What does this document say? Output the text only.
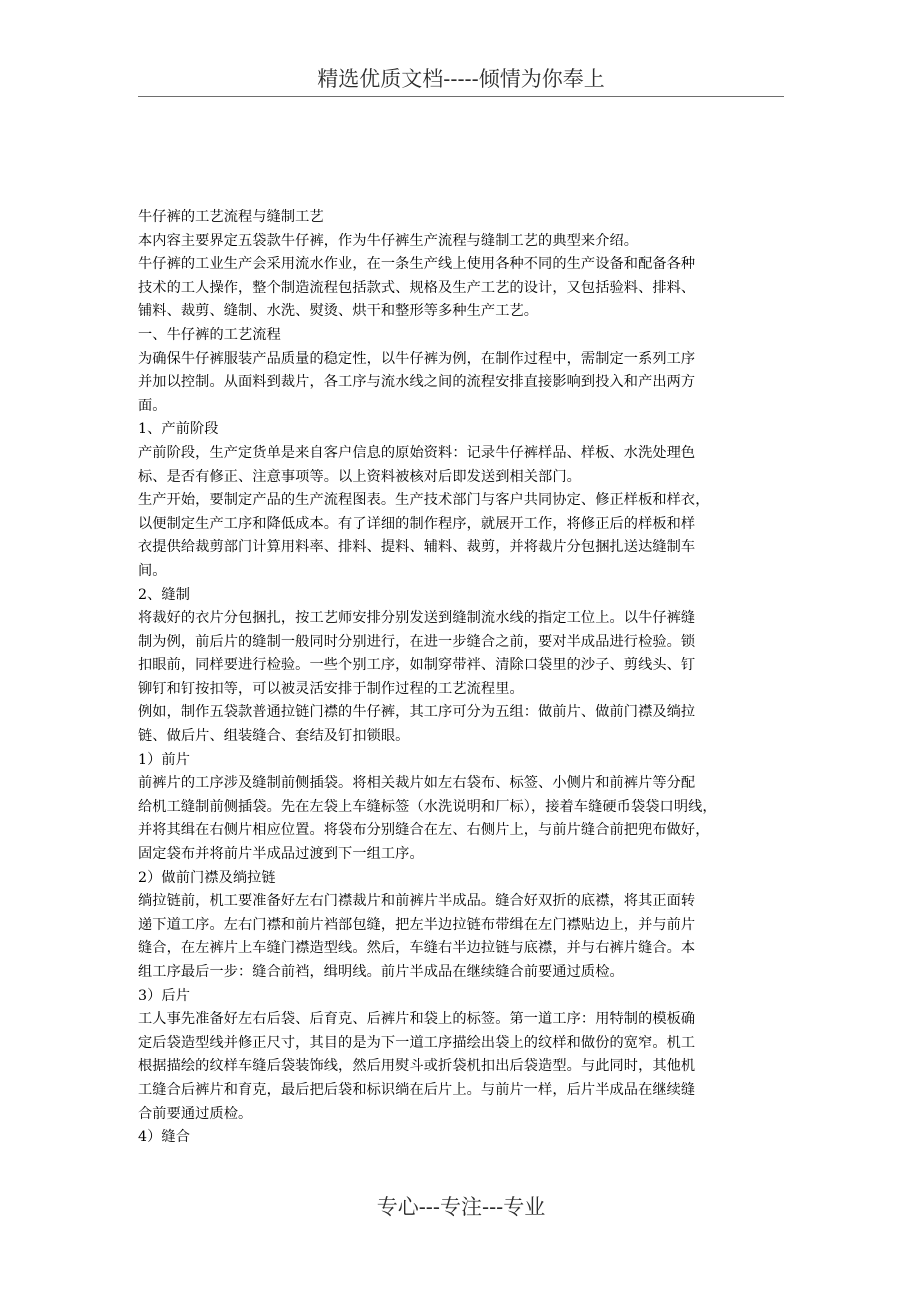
精选优质文档-----倾情为你奉上

牛仔裤的工艺流程与缝制工艺

本内容主要界定五袋款牛仔裤，作为牛仔裤生产流程与缝制工艺的典型来介绍。

牛仔裤的工业生产会采用流水作业，在一条生产线上使用各种不同的生产设备和配备各种

技术的工人操作，整个制造流程包括款式、规格及生产工艺的设计，又包括验料、排料、

铺料、裁剪、缝制、水洗、熨烫、烘干和整形等多种生产工艺。

一、牛仔裤的工艺流程

为确保牛仔裤服装产品质量的稳定性，以牛仔裤为例，在制作过程中，需制定一系列工序

并加以控制。从面料到裁片，各工序与流水线之间的流程安排直接影响到投入和产出两方

面。

1、产前阶段

产前阶段，生产定货单是来自客户信息的原始资料：记录牛仔裤样品、样板、水洗处理色

标、是否有修正、注意事项等。以上资料被核对后即发送到相关部门。

生产开始，要制定产品的生产流程图表。生产技术部门与客户共同协定、修正样板和样衣，

以便制定生产工序和降低成本。有了详细的制作程序，就展开工作，将修正后的样板和样

衣提供给裁剪部门计算用料率、排料、提料、辅料、裁剪，并将裁片分包捆扎送达缝制车

间。

2、缝制

将裁好的衣片分包捆扎，按工艺师安排分别发送到缝制流水线的指定工位上。以牛仔裤缝

制为例，前后片的缝制一般同时分别进行，在进一步缝合之前，要对半成品进行检验。锁

扣眼前，同样要进行检验。一些个别工序，如制穿带袢、清除口袋里的沙子、剪线头、钉

铆钉和钉按扣等，可以被灵活安排于制作过程的工艺流程里。

例如，制作五袋款普通拉链门襟的牛仔裤，其工序可分为五组：做前片、做前门襟及绱拉

链、做后片、组装缝合、套结及钉扣锁眼。

1）前片

前裤片的工序涉及缝制前侧插袋。将相关裁片如左右袋布、标签、小侧片和前裤片等分配

给机工缝制前侧插袋。先在左袋上车缝标签（水洗说明和厂标），接着车缝硬币袋袋口明线，

并将其缉在右侧片相应位置。将袋布分别缝合在左、右侧片上，与前片缝合前把兜布做好，

固定袋布并将前片半成品过渡到下一组工序。

2）做前门襟及绱拉链

绱拉链前，机工要准备好左右门襟裁片和前裤片半成品。缝合好双折的底襟，将其正面转

递下道工序。左右门襟和前片裆部包缝，把左半边拉链布带缉在左门襟贴边上，并与前片

缝合，在左裤片上车缝门襟造型线。然后，车缝右半边拉链与底襟，并与右裤片缝合。本

组工序最后一步：缝合前裆，缉明线。前片半成品在继续缝合前要通过质检。

3）后片

工人事先准备好左右后袋、后育克、后裤片和袋上的标签。第一道工序：用特制的模板确

定后袋造型线并修正尺寸，其目的是为下一道工序描绘出袋上的纹样和做份的宽窄。机工

根据描绘的纹样车缝后袋装饰线，然后用熨斗或折袋机扣出后袋造型。与此同时，其他机

工缝合后裤片和育克，最后把后袋和标识绱在后片上。与前片一样，后片半成品在继续缝

合前要通过质检。

4）缝合

专心---专注---专业
